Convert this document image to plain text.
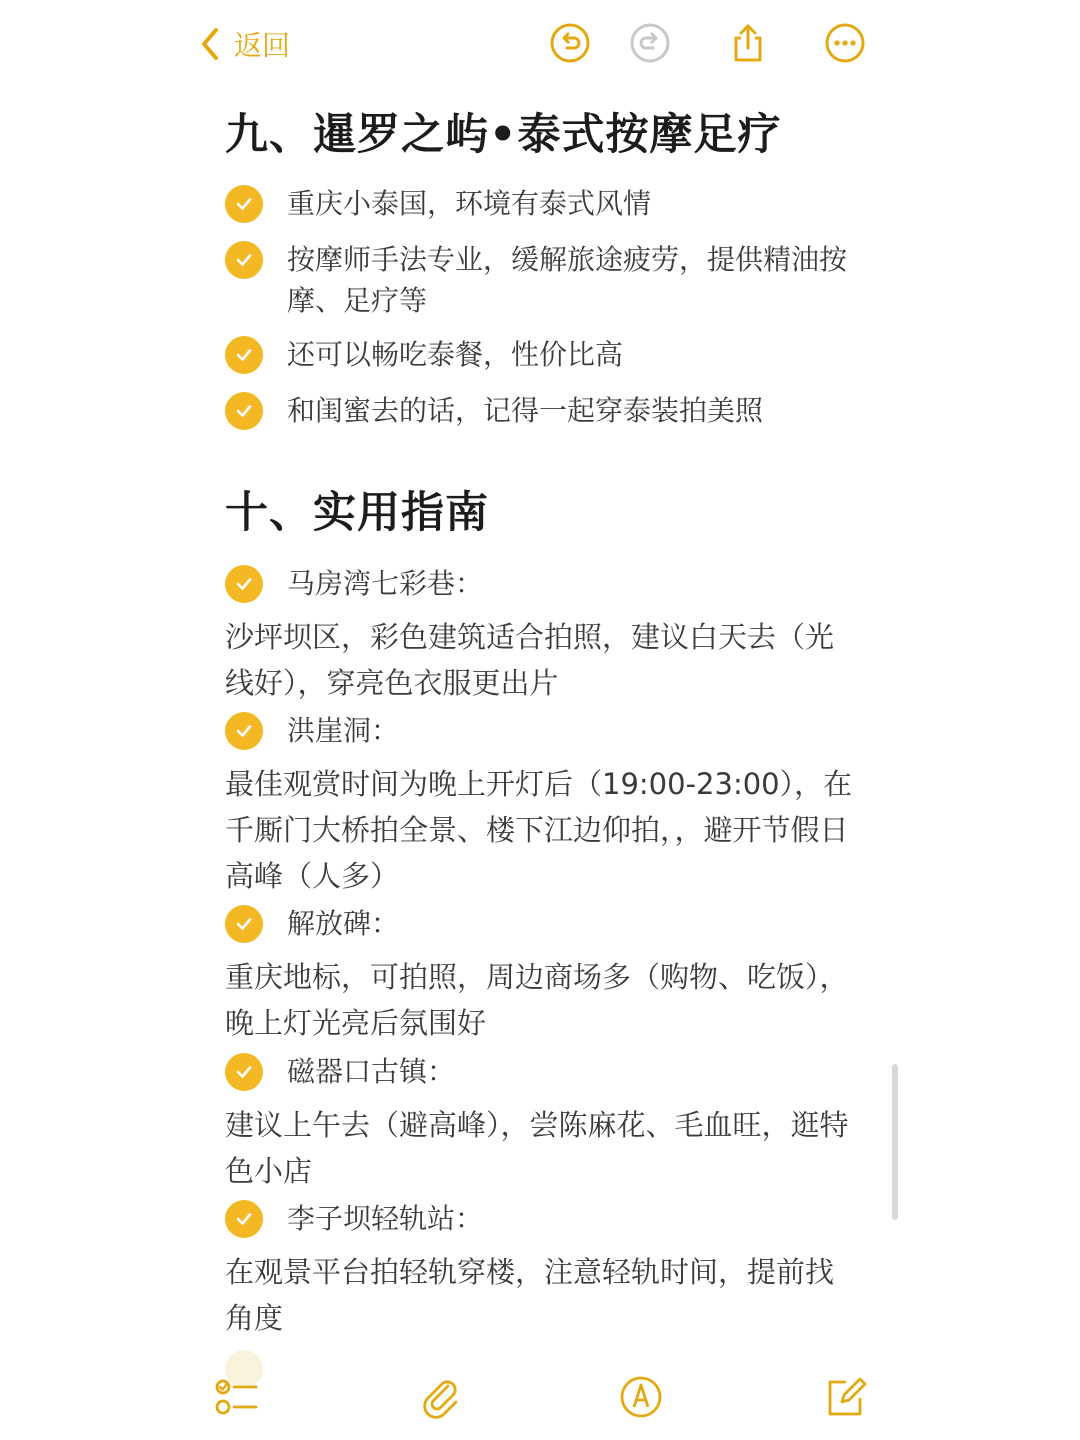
返回
九、暹罗之屿•泰式按摩足疗
重庆小泰国，环境有泰式风情
按摩师手法专业，缓解旅途疲劳，提供精油按摩、足疗等
还可以畅吃泰餐，性价比高
和闺蜜去的话，记得一起穿泰装拍美照
十、实用指南
马房湾七彩巷：
沙坪坝区，彩色建筑适合拍照，建议白天去（光线好），穿亮色衣服更出片
洪崖洞：
最佳观赏时间为晚上开灯后（19:00-23:00），在千厮门大桥拍全景、楼下江边仰拍，，避开节假日高峰（人多）
解放碑：
重庆地标，可拍照，周边商场多（购物、吃饭），晚上灯光亮后氛围好
磁器口古镇：
建议上午去（避高峰），尝陈麻花、毛血旺，逛特色小店
李子坝轻轨站：
在观景平台拍轻轨穿楼，注意轻轨时间，提前找角度
